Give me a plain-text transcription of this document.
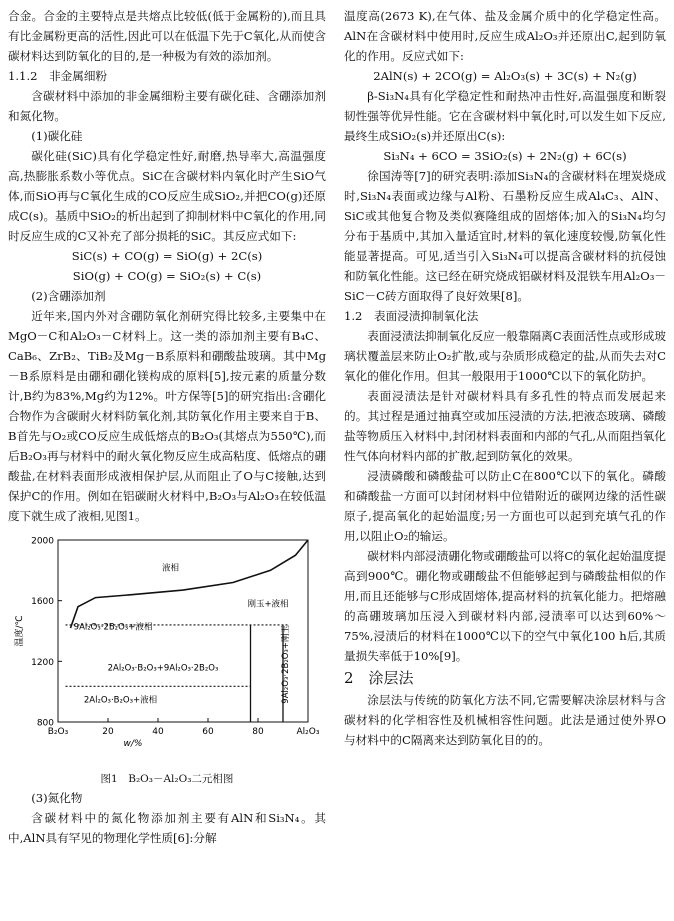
合金。合金的主要特点是共熔点比较低(低于金属粉的),而且具有比金属粉更高的活性,因此可以在低温下先于C氧化,从而使含碳材料达到防氧化的目的,是一种极为有效的添加剂。

1.1.2　非金属细粉

含碳材料中添加的非金属细粉主要有碳化硅、含硼添加剂和氮化物。

(1)碳化硅

碳化硅(SiC)具有化学稳定性好,耐磨,热导率大,高温强度高,热膨胀系数小等优点。SiC在含碳材料内氧化时产生SiO气体,而SiO再与C氧化生成的CO反应生成SiO₂,并把CO(g)还原成C(s)。基质中SiO₂的析出起到了抑制材料中C氧化的作用,同时反应生成的C又补充了部分损耗的SiC。其反应式如下:

SiC(s) + CO(g) = SiO(g) + 2C(s)

SiO(g) + CO(g) = SiO₂(s) + C(s)

(2)含硼添加剂

近年来,国内外对含硼防氧化剂研究得比较多,主要集中在MgO－C和Al₂O₃－C材料上。这一类的添加剂主要有B₄C、CaB₆、ZrB₂、TiB₂及Mg－B系原料和硼酸盐玻璃。其中Mg－B系原料是由硼和硼化镁构成的原料[5],按元素的质量分数计,B约为83%,Mg约为12%。叶方保等[5]的研究指出:含硼化合物作为含碳耐火材料防氧化剂,其防氧化作用主要来自于B、B首先与O₂或CO反应生成低熔点的B₂O₃(其熔点为550℃),而后B₂O₃再与材料中的耐火氧化物反应生成高粘度、低熔点的硼酸盐,在材料表面形成液相保护层,从而阻止了O与C接触,达到保护C的作用。例如在铝碳耐火材料中,B₂O₃与Al₂O₃在较低温度下就生成了液相,见图1。

800
1200
1600
2000
B₂O₃	20	40	60	80	Al₂O₃
w/%
温度/℃
液相
刚玉+液相
9Al₂O₃·2B₂O₃+液相
2Al₂O₃·B₂O₃+9Al₂O₃·2B₂O₃
2Al₂O₃·B₂O₃+液相	9Al₂O₃·2B₂O₃+刚玉

图1　B₂O₃－Al₂O₃二元相图

(3)氮化物

含碳材料中的氮化物添加剂主要有AlN和Si₃N₄。其中,AlN具有罕见的物理化学性质[6]:分解

温度高(2673 K),在气体、盐及金属介质中的化学稳定性高。AlN在含碳材料中使用时,反应生成Al₂O₃并还原出C,起到防氧化的作用。反应式如下:

2AlN(s) + 2CO(g) = Al₂O₃(s) + 3C(s) + N₂(g)

β-Si₃N₄具有化学稳定性和耐热冲击性好,高温强度和断裂韧性强等优异性能。它在含碳材料中氧化时,可以发生如下反应,最终生成SiO₂(s)并还原出C(s):

Si₃N₄ + 6CO = 3SiO₂(s) + 2N₂(g) + 6C(s)

徐国涛等[7]的研究表明:添加Si₃N₄的含碳材料在埋炭烧成时,Si₃N₄表面或边缘与Al粉、石墨粉反应生成Al₄C₃、AlN、SiC或其他复合物及类似赛隆组成的固熔体;加入的Si₃N₄均匀分布于基质中,其加入量适宜时,材料的氧化速度较慢,防氧化性能显著提高。可见,适当引入Si₃N₄可以提高含碳材料的抗侵蚀和防氧化性能。这已经在研究烧成铝碳材料及混铁车用Al₂O₃－SiC－C砖方面取得了良好效果[8]。

1.2　表面浸渍抑制氧化法

表面浸渍法抑制氧化反应一般靠隔离C表面活性点或形成玻璃状覆盖层来防止O₂扩散,或与杂质形成稳定的盐,从而失去对C氧化的催化作用。但其一般限用于1000℃以下的氧化防护。

表面浸渍法是针对碳材料具有多孔性的特点而发展起来的。其过程是通过抽真空或加压浸渍的方法,把液态玻璃、磷酸盐等物质压入材料中,封闭材料表面和内部的气孔,从而阻挡氧化性气体向材料内部的扩散,起到防氧化的效果。

浸渍磷酸和磷酸盐可以防止C在800℃以下的氧化。磷酸和磷酸盐一方面可以封闭材料中位错附近的碳网边缘的活性碳原子,提高氧化的起始温度;另一方面也可以起到充填气孔的作用,以阻止O₂的输运。

碳材料内部浸渍硼化物或硼酸盐可以将C的氧化起始温度提高到900℃。硼化物或硼酸盐不但能够起到与磷酸盐相似的作用,而且还能够与C形成固熔体,提高材料的抗氧化能力。把熔融的高硼玻璃加压浸入到碳材料内部,浸渍率可以达到60%～75%,浸渍后的材料在1000℃以下的空气中氧化100 h后,其质量损失率低于10%[9]。

2　涂层法

涂层法与传统的防氧化方法不同,它需要解决涂层材料与含碳材料的化学相容性及机械相容性问题。此法是通过使外界O与材料中的C隔离来达到防氧化目的的。
